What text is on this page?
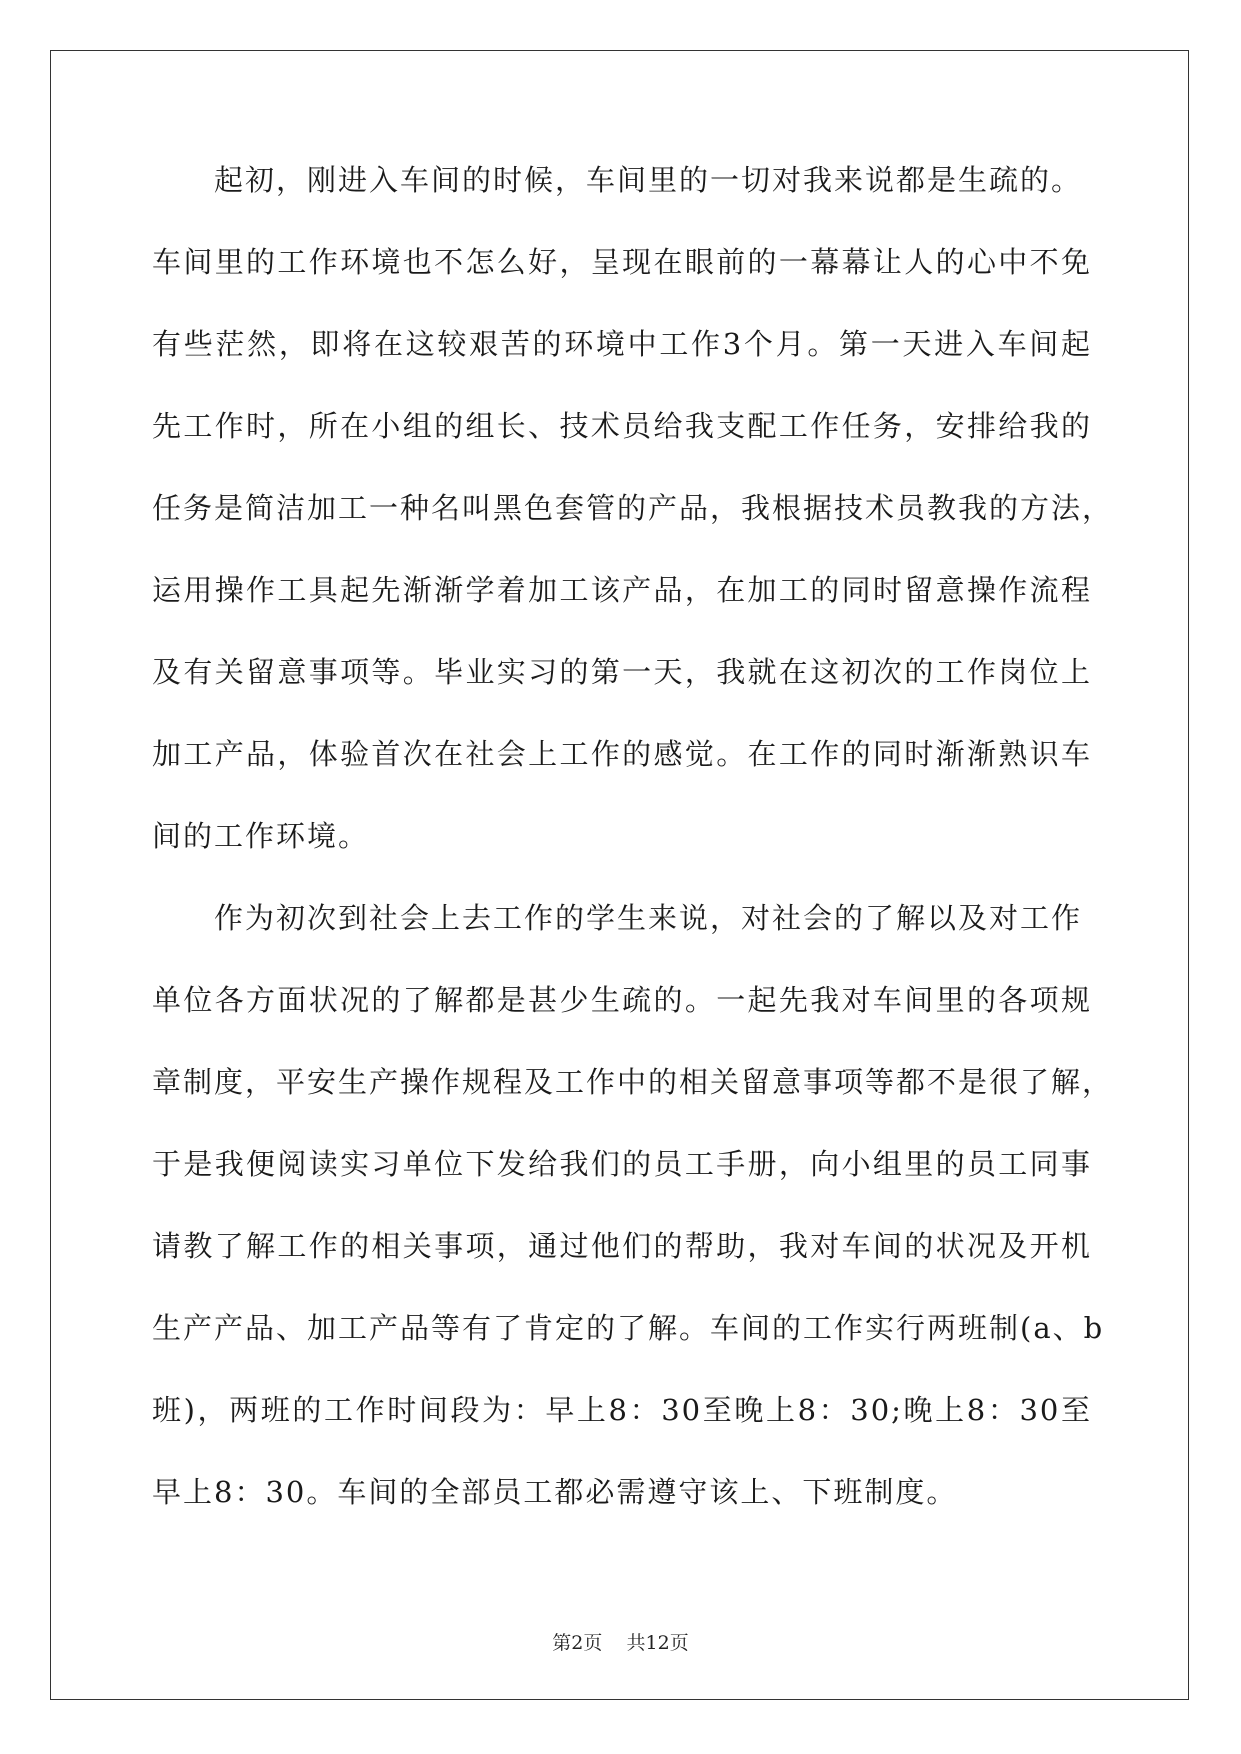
起初，刚进入车间的时候，车间里的一切对我来说都是生疏的。
车间里的工作环境也不怎么好，呈现在眼前的一幕幕让人的心中不免
有些茫然，即将在这较艰苦的环境中工作3个月。第一天进入车间起
先工作时，所在小组的组长、技术员给我支配工作任务，安排给我的
任务是简洁加工一种名叫黑色套管的产品，我根据技术员教我的方法，
运用操作工具起先渐渐学着加工该产品，在加工的同时留意操作流程
及有关留意事项等。毕业实习的第一天，我就在这初次的工作岗位上
加工产品，体验首次在社会上工作的感觉。在工作的同时渐渐熟识车
间的工作环境。
作为初次到社会上去工作的学生来说，对社会的了解以及对工作
单位各方面状况的了解都是甚少生疏的。一起先我对车间里的各项规
章制度，平安生产操作规程及工作中的相关留意事项等都不是很了解，
于是我便阅读实习单位下发给我们的员工手册，向小组里的员工同事
请教了解工作的相关事项，通过他们的帮助，我对车间的状况及开机
生产产品、加工产品等有了肯定的了解。车间的工作实行两班制(a、b
班)，两班的工作时间段为：早上8：30至晚上8：30;晚上8：30至
早上8：30。车间的全部员工都必需遵守该上、下班制度。
第2页 共12页
